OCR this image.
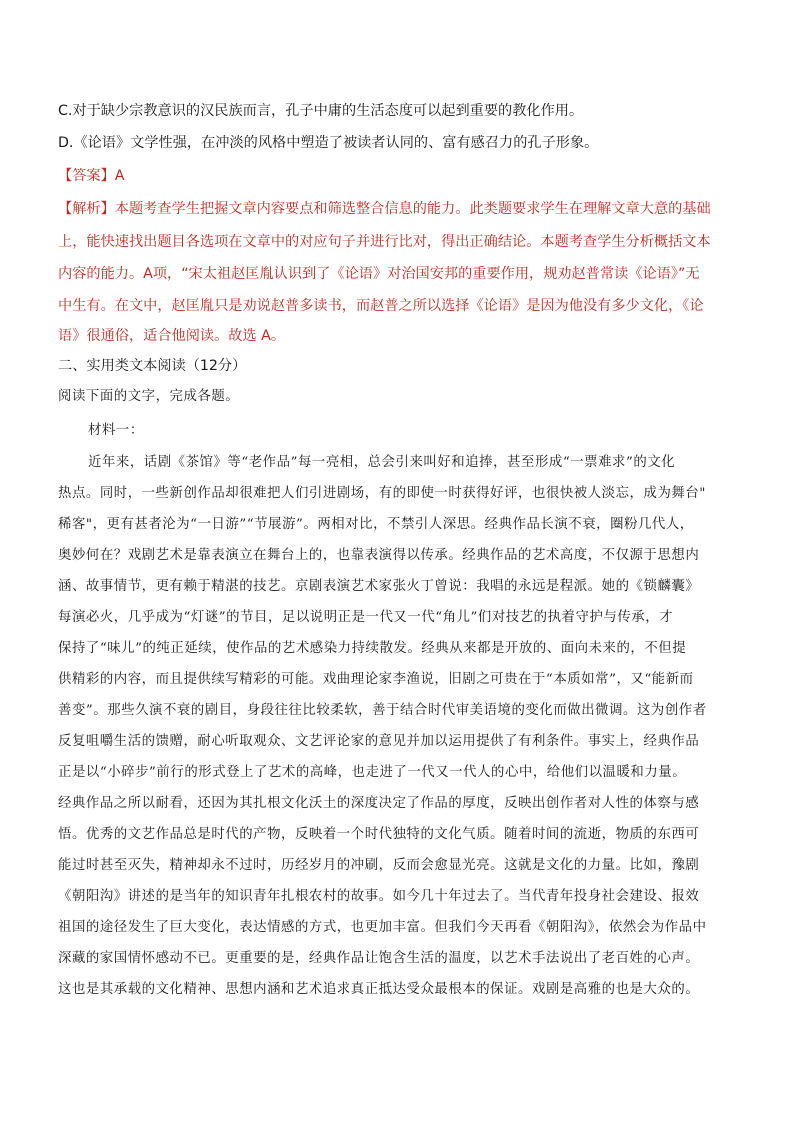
C.对于缺少宗教意识的汉民族而言，孔子中庸的生活态度可以起到重要的教化作用。
D.《论语》文学性强，在冲淡的风格中塑造了被读者认同的、富有感召力的孔子形象。
【答案】A
【解析】本题考查学生把握文章内容要点和筛选整合信息的能力。此类题要求学生在理解文章大意的基础
上，能快速找出题目各选项在文章中的对应句子并进行比对，得出正确结论。本题考查学生分析概括文本
内容的能力。A项，“宋太祖赵匡胤认识到了《论语》对治国安邦的重要作用，规劝赵普常读《论语》”无
中生有。在文中，赵匡胤只是劝说赵普多读书，而赵普之所以选择《论语》是因为他没有多少文化，《论
语》很通俗，适合他阅读。故选 A。
二、实用类文本阅读（12分）
阅读下面的文字，完成各题。
材料一：
近年来，话剧《茶馆》等“老作品”每一亮相，总会引来叫好和追捧，甚至形成“一票难求”的文化
热点。同时，一些新创作品却很难把人们引进剧场，有的即使一时获得好评，也很快被人淡忘，成为舞台"
稀客"，更有甚者沦为“一日游”“节展游”。两相对比，不禁引人深思。经典作品长演不衰，圈粉几代人，
奥妙何在？戏剧艺术是靠表演立在舞台上的，也靠表演得以传承。经典作品的艺术高度，不仅源于思想内
涵、故事情节，更有赖于精湛的技艺。京剧表演艺术家张火丁曾说：我唱的永远是程派。她的《锁麟囊》
每演必火，几乎成为“灯谜”的节目，足以说明正是一代又一代“角儿”们对技艺的执着守护与传承，才
保持了“味儿”的纯正延续，使作品的艺术感染力持续散发。经典从来都是开放的、面向未来的，不但提
供精彩的内容，而且提供续写精彩的可能。戏曲理论家李渔说，旧剧之可贵在于“本质如常”，又“能新而
善变”。那些久演不衰的剧目，身段往往比较柔软，善于结合时代审美语境的变化而做出微调。这为创作者
反复咀嚼生活的馈赠，耐心听取观众、文艺评论家的意见并加以运用提供了有利条件。事实上，经典作品
正是以“小碎步”前行的形式登上了艺术的高峰，也走进了一代又一代人的心中，给他们以温暖和力量。
经典作品之所以耐看，还因为其扎根文化沃土的深度决定了作品的厚度，反映出创作者对人性的体察与感
悟。优秀的文艺作品总是时代的产物，反映着一个时代独特的文化气质。随着时间的流逝，物质的东西可
能过时甚至灭失，精神却永不过时，历经岁月的冲刷，反而会愈显光亮。这就是文化的力量。比如，豫剧
《朝阳沟》讲述的是当年的知识青年扎根农村的故事。如今几十年过去了。当代青年投身社会建设、报效
祖国的途径发生了巨大变化，表达情感的方式，也更加丰富。但我们今天再看《朝阳沟》，依然会为作品中
深藏的家国情怀感动不已。更重要的是，经典作品让饱含生活的温度，以艺术手法说出了老百姓的心声。
这也是其承载的文化精神、思想内涵和艺术追求真正抵达受众最根本的保证。戏剧是高雅的也是大众的。
